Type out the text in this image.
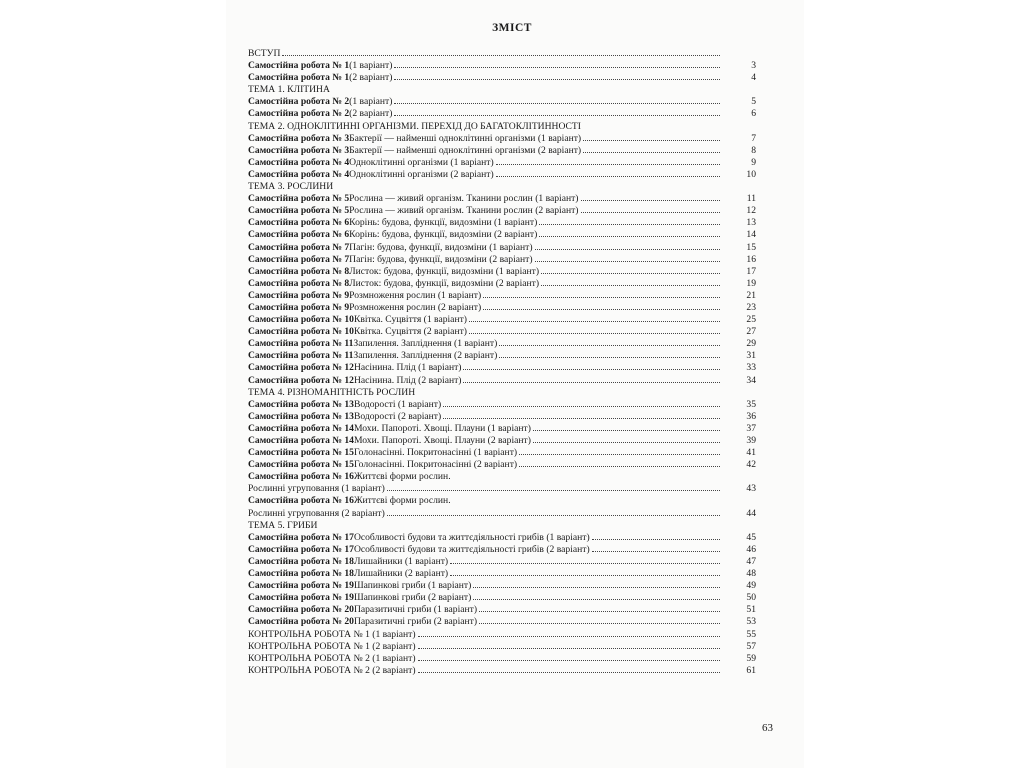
ЗМІСТ
ВСТУП
Самостійна робота № 1 (1 варіант)	3
Самостійна робота № 1 (2 варіант)	4
ТЕМА 1. КЛІТИНА
Самостійна робота № 2 (1 варіант)	5
Самостійна робота № 2 (2 варіант)	6
ТЕМА 2. ОДНОКЛІТИННІ ОРГАНІЗМИ. ПЕРЕХІД ДО БАГАТОКЛІТИННОСТІ
Самостійна робота № 3 Бактерії — найменші одноклітинні організми (1 варіант)	7
Самостійна робота № 3 Бактерії — найменші одноклітинні організми (2 варіант)	8
Самостійна робота № 4 Одноклітинні організми (1 варіант)	9
Самостійна робота № 4 Одноклітинні організми (2 варіант)	10
ТЕМА 3. РОСЛИНИ
Самостійна робота № 5 Рослина — живий організм. Тканини рослин (1 варіант)	11
Самостійна робота № 5 Рослина — живий організм. Тканини рослин (2 варіант)	12
Самостійна робота № 6 Корінь: будова, функції, видозміни (1 варіант)	13
Самостійна робота № 6 Корінь: будова, функції, видозміни (2 варіант)	14
Самостійна робота № 7 Пагін: будова, функції, видозміни (1 варіант)	15
Самостійна робота № 7 Пагін: будова, функції, видозміни (2 варіант)	16
Самостійна робота № 8 Листок: будова, функції, видозміни (1 варіант)	17
Самостійна робота № 8 Листок: будова, функції, видозміни (2 варіант)	19
Самостійна робота № 9 Розмноження рослин (1 варіант)	21
Самостійна робота № 9 Розмноження рослин (2 варіант)	23
Самостійна робота № 10 Квітка. Суцвіття (1 варіант)	25
Самостійна робота № 10 Квітка. Суцвіття (2 варіант)	27
Самостійна робота № 11 Запилення. Запліднення (1 варіант)	29
Самостійна робота № 11 Запилення. Запліднення (2 варіант)	31
Самостійна робота № 12 Насінина. Плід (1 варіант)	33
Самостійна робота № 12 Насінина. Плід (2 варіант)	34
ТЕМА 4. РІЗНОМАНІТНІСТЬ РОСЛИН
Самостійна робота № 13 Водорості (1 варіант)	35
Самостійна робота № 13 Водорості (2 варіант)	36
Самостійна робота № 14 Мохи. Папороті. Хвощі. Плауни (1 варіант)	37
Самостійна робота № 14 Мохи. Папороті. Хвощі. Плауни (2 варіант)	39
Самостійна робота № 15 Голонасінні. Покритонасінні (1 варіант)	41
Самостійна робота № 15 Голонасінні. Покритонасінні (2 варіант)	42
Самостійна робота № 16 Життєві форми рослин.
Рослинні угруповання (1 варіант)	43
Самостійна робота № 16 Життєві форми рослин.
Рослинні угруповання (2 варіант)	44
ТЕМА 5. ГРИБИ
Самостійна робота № 17 Особливості будови та життєдіяльності грибів (1 варіант)	45
Самостійна робота № 17 Особливості будови та життєдіяльності грибів (2 варіант)	46
Самостійна робота № 18 Лишайники (1 варіант)	47
Самостійна робота № 18 Лишайники (2 варіант)	48
Самостійна робота № 19 Шапинкові гриби (1 варіант)	49
Самостійна робота № 19 Шапинкові гриби (2 варіант)	50
Самостійна робота № 20 Паразитичні гриби (1 варіант)	51
Самостійна робота № 20 Паразитичні гриби (2 варіант)	53
КОНТРОЛЬНА РОБОТА № 1 (1 варіант)	55
КОНТРОЛЬНА РОБОТА № 1 (2 варіант)	57
КОНТРОЛЬНА РОБОТА № 2 (1 варіант)	59
КОНТРОЛЬНА РОБОТА № 2 (2 варіант)	61
63
